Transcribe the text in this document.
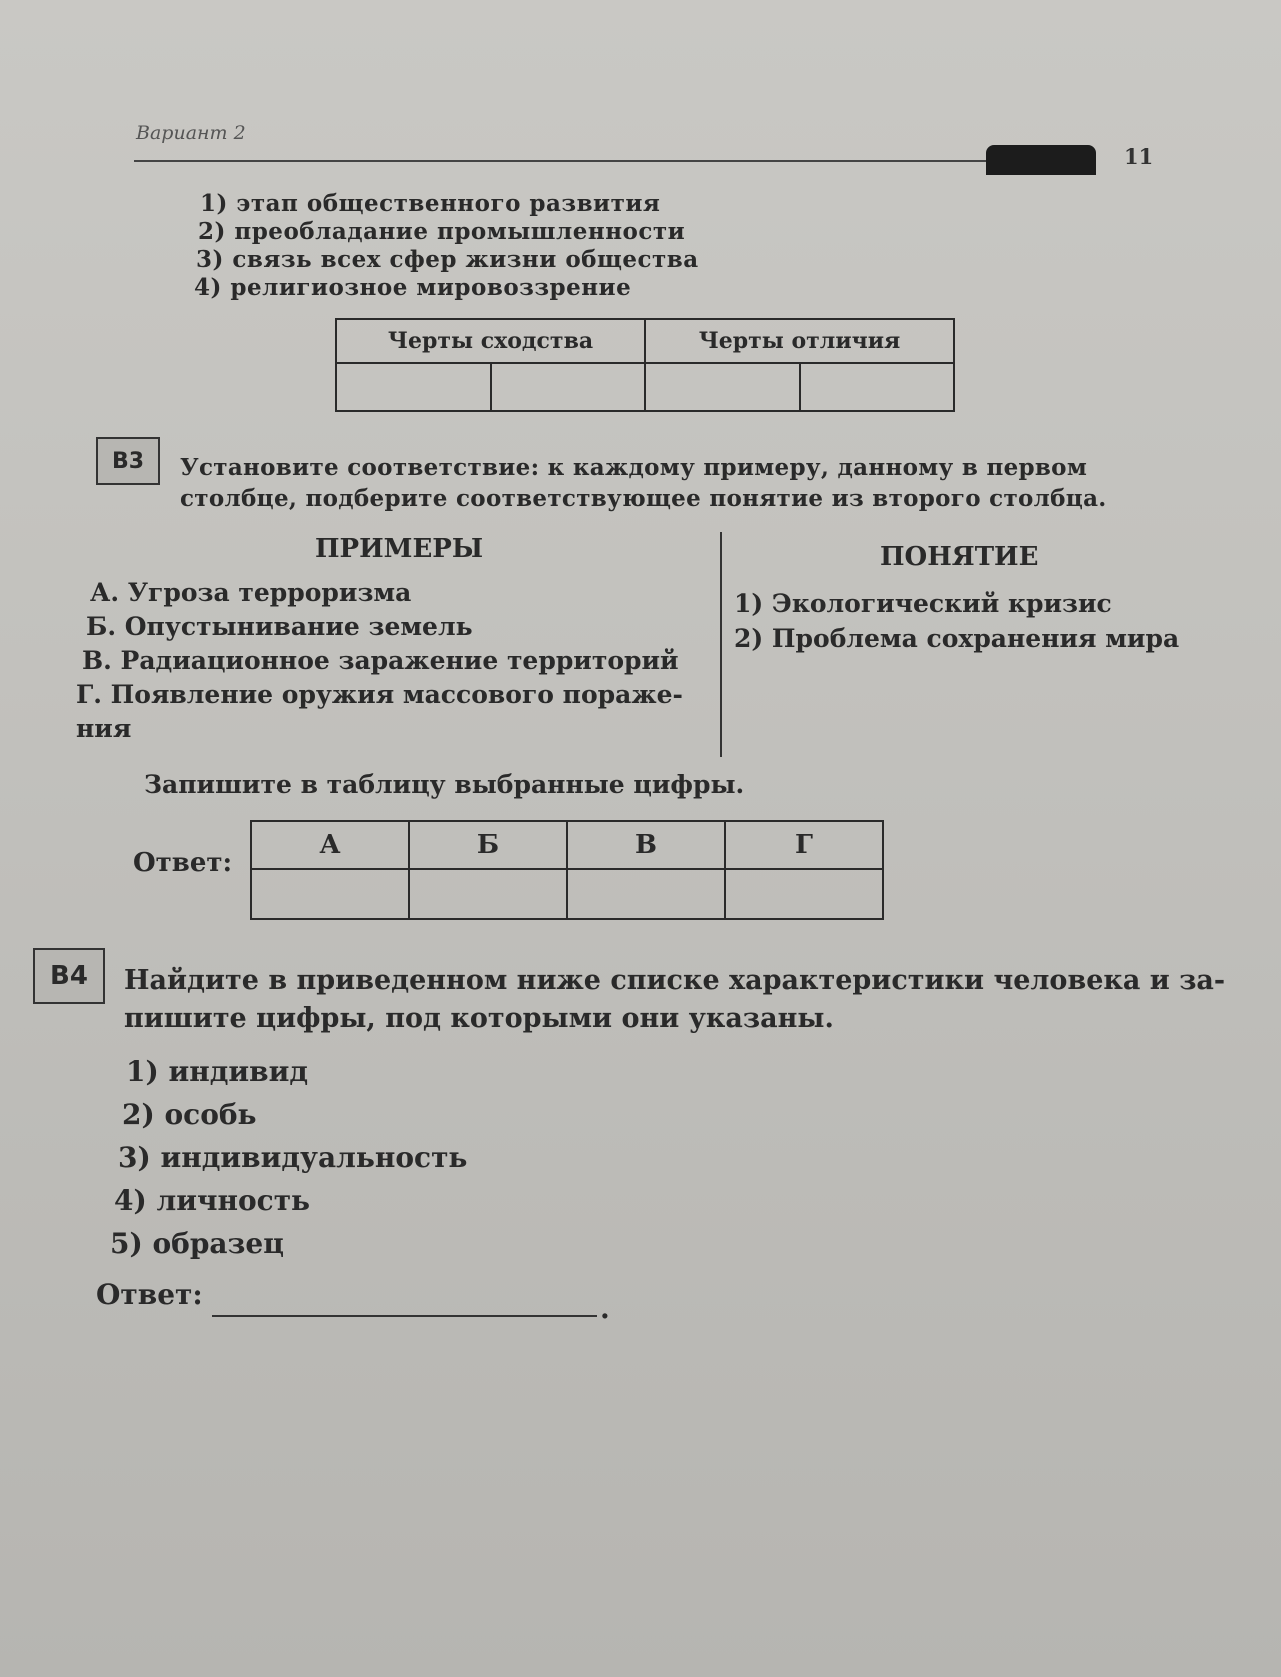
Вариант 2
11
1) этап общественного развития
2) преобладание промышленности
3) связь всех сфер жизни общества
4) религиозное мировоззрение
Черты сходства		Черты отличия	

В3	Установите соответствие: к каждому примеру, данному в первом столбце, подберите соответствующее понятие из второго столбца.
ПРИМЕРЫ	ПОНЯТИЕ
А. Угроза терроризма
Б. Опустынивание земель
В. Радиационное заражение территорий
Г. Появление оружия массового пораже-ния
1) Экологический кризис
2) Проблема сохранения мира
Запишите в таблицу выбранные цифры.
Ответ:
А	Б	В	Г

В4	Найдите в приведенном ниже списке характеристики человека и за-пишите цифры, под которыми они указаны.
1) индивид
2) особь
3) индивидуальность
4) личность
5) образец
Ответ:	.
